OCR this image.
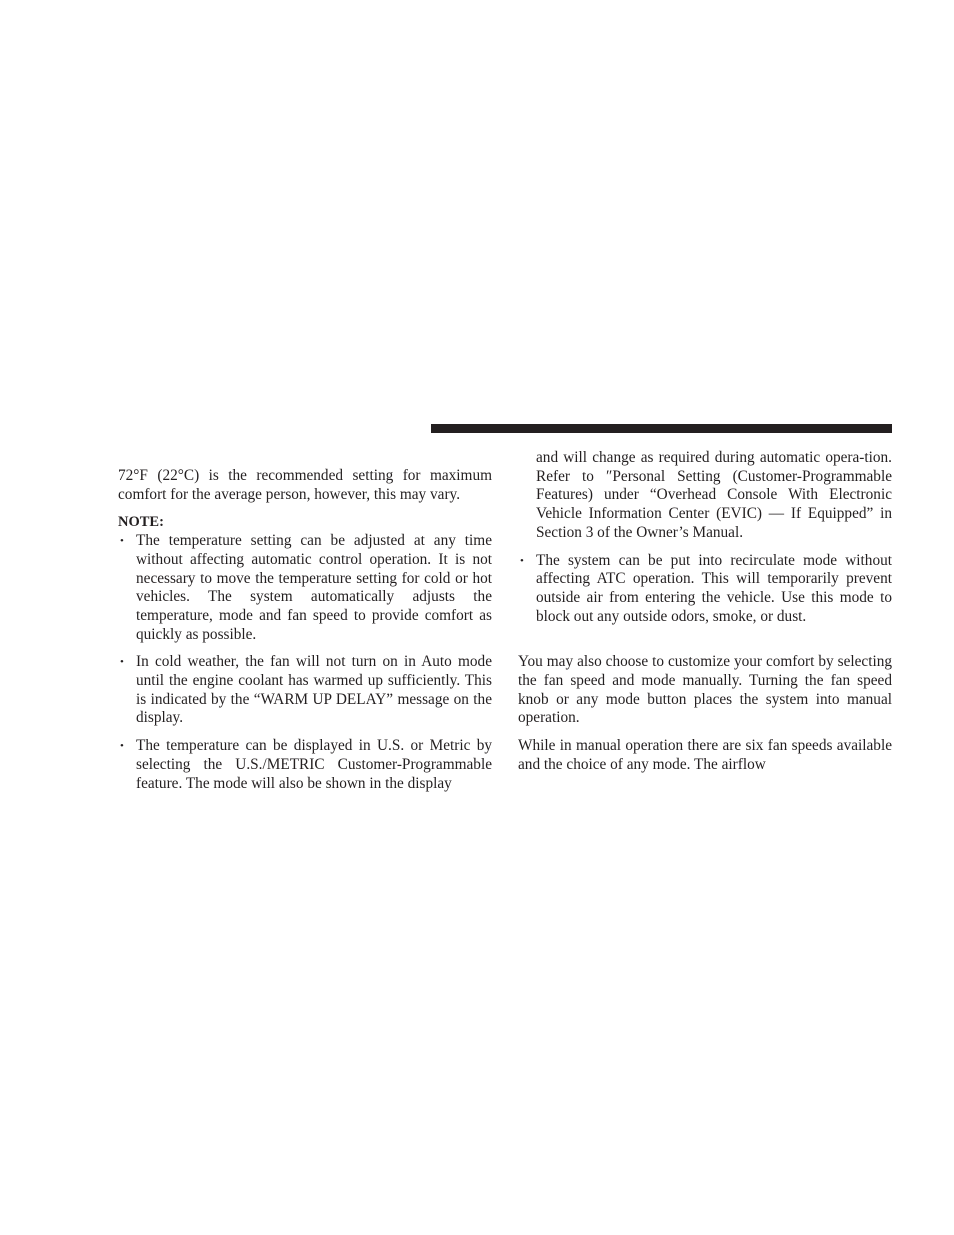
72°F (22°C) is the recommended setting for maximum comfort for the average person, however, this may vary.

NOTE:

• The temperature setting can be adjusted at any time without affecting automatic control operation. It is not necessary to move the temperature setting for cold or hot vehicles. The system automatically adjusts the temperature, mode and fan speed to provide comfort as quickly as possible.
• In cold weather, the fan will not turn on in Auto mode until the engine coolant has warmed up sufficiently. This is indicated by the “WARM UP DELAY” message on the display.
• The temperature can be displayed in U.S. or Metric by selecting the U.S./METRIC Customer-Programmable feature. The mode will also be shown in the display

and will change as required during automatic opera-tion. Refer to ″Personal Setting (Customer-Programmable Features) under “Overhead Console With Electronic Vehicle Information Center (EVIC) — If Equipped” in Section 3 of the Owner’s Manual.

• The system can be put into recirculate mode without affecting ATC operation. This will temporarily prevent outside air from entering the vehicle. Use this mode to block out any outside odors, smoke, or dust.

You may also choose to customize your comfort by selecting the fan speed and mode manually. Turning the fan speed knob or any mode button places the system into manual operation.

While in manual operation there are six fan speeds available and the choice of any mode. The airflow
